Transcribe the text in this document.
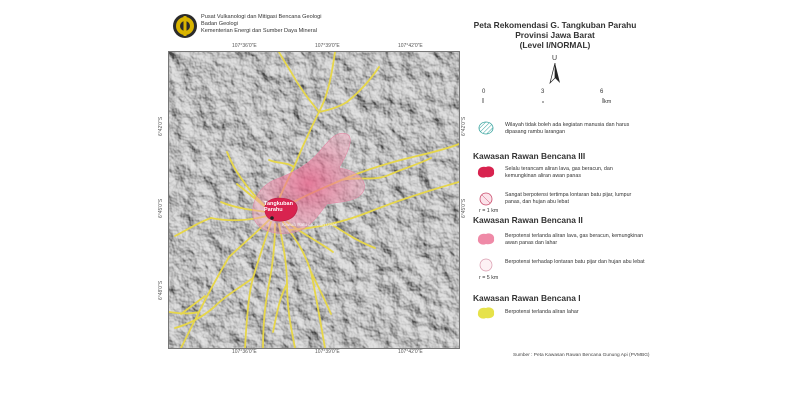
Pusat Vulkanologi dan Mitigasi Bencana Geologi
Badan Geologi
Kementerian Energi dan Sumber Daya Mineral
107°36'0"E	107°39'0"E	107°42'0"E
107°36'0"E	107°39'0"E	107°42'0"E
6°42'0"S
6°45'0"S
6°48'0"S
6°42'0"S
6°45'0"S
Tangkuban
Parahu
Kawah Ratu / Kawah Upas
Peta Rekomendasi G. Tangkuban Parahu
Provinsi Jawa Barat
(Level I/NORMAL)
U
0	3	6
km
Wilayah tidak boleh ada kegiatan manusia dan harus dipasang rambu larangan
Kawasan Rawan Bencana III
Selalu terancam aliran lava, gas beracun, dan kemungkinan aliran awan panas
Sangat berpotensi tertimpa lontaran batu pijar, lumpur panas, dan hujan abu lebat
r = 1 km
Kawasan Rawan Bencana II
Berpotensi terlanda aliran lava, gas beracun, kemungkinan awan panas dan lahar
Berpotensi terhadap lontaran batu pijar dan hujan abu lebat
r = 5 km
Kawasan Rawan Bencana I
Berpotensi terlanda aliran lahar
Sumber : Peta Kawasan Rawan Bencana Gunung Api (PVMBG)
